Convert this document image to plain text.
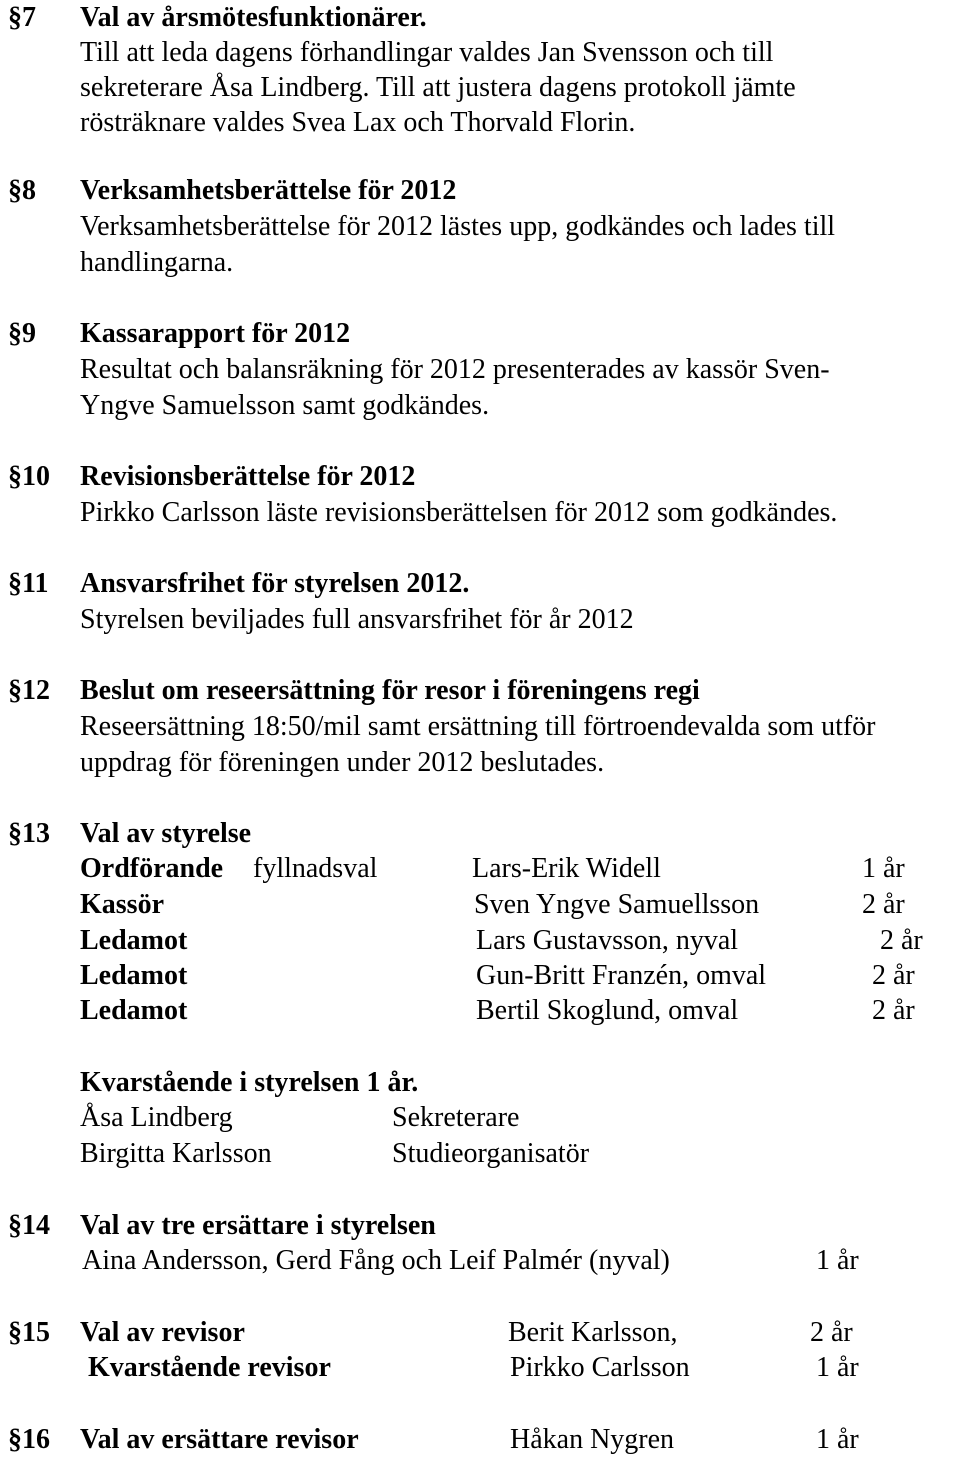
§7 Val av årsmötesfunktionärer.
Till att leda dagens förhandlingar valdes Jan Svensson och till
sekreterare Åsa Lindberg. Till att justera dagens protokoll jämte
rösträknare valdes Svea Lax och Thorvald Florin.
§8 Verksamhetsberättelse för 2012
Verksamhetsberättelse för 2012 lästes upp, godkändes och lades till
handlingarna.
§9 Kassarapport för 2012
Resultat och balansräkning för 2012 presenterades av kassör Sven-
Yngve Samuelsson samt godkändes.
§10 Revisionsberättelse för 2012
Pirkko Carlsson läste revisionsberättelsen för 2012 som godkändes.
§11 Ansvarsfrihet för styrelsen 2012.
Styrelsen beviljades full ansvarsfrihet för år 2012
§12 Beslut om reseersättning för resor i föreningens regi
Reseersättning 18:50/mil samt ersättning till förtroendevalda som utför
uppdrag för föreningen under 2012 beslutades.
§13 Val av styrelse
Ordförande fyllnadsval	Lars-Erik Widell	1 år
Kassör	Sven Yngve Samuellsson	2 år
Ledamot	Lars Gustavsson, nyval	2 år
Ledamot	Gun-Britt Franzén, omval	2 år
Ledamot	Bertil Skoglund, omval	2 år
Kvarstående i styrelsen 1 år.
Åsa Lindberg	Sekreterare
Birgitta Karlsson	Studieorganisatör
§14 Val av tre ersättare i styrelsen
Aina Andersson, Gerd Fång och Leif Palmér (nyval)	1 år
§15 Val av revisor	Berit Karlsson,	2 år
Kvarstående revisor	Pirkko Carlsson	1 år
§16 Val av ersättare revisor	Håkan Nygren	1 år
